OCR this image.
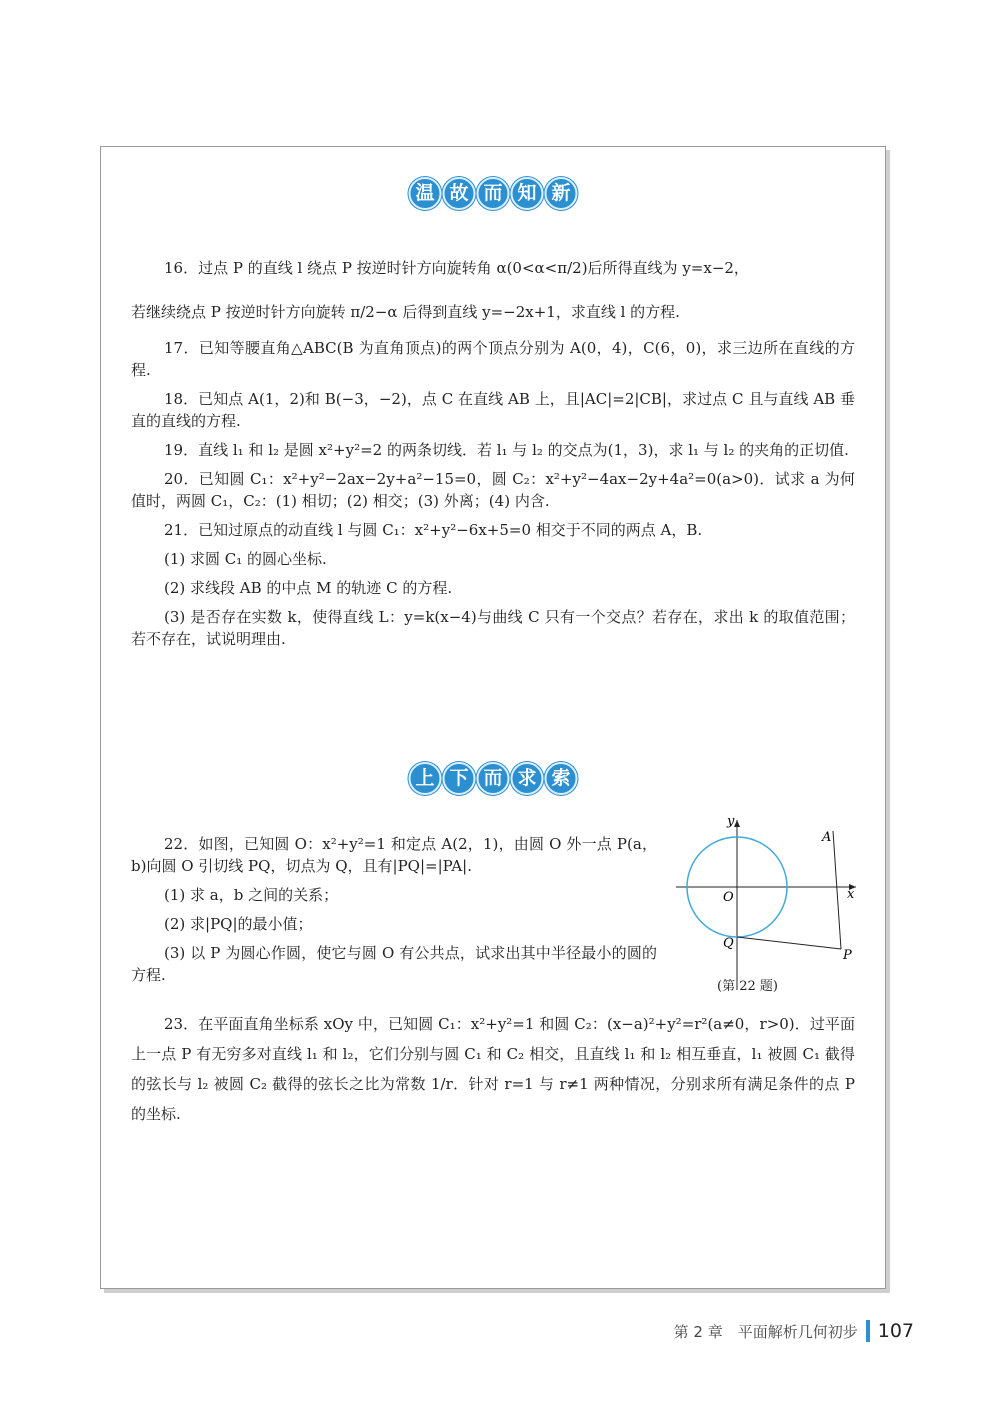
温 故 而 知 新

16．过点 P 的直线 l 绕点 P 按逆时针方向旋转角 α(0<α<π/2)后所得直线为 y=x−2，

若继续绕点 P 按逆时针方向旋转 π/2−α 后得到直线 y=−2x+1，求直线 l 的方程.

17．已知等腰直角△ABC(B 为直角顶点)的两个顶点分别为 A(0，4)，C(6，0)，求三边所在直线的方程.

18．已知点 A(1，2)和 B(−3，−2)，点 C 在直线 AB 上，且|AC|=2|CB|，求过点 C 且与直线 AB 垂直的直线的方程.

19．直线 l₁ 和 l₂ 是圆 x²+y²=2 的两条切线．若 l₁ 与 l₂ 的交点为(1，3)，求 l₁ 与 l₂ 的夹角的正切值.

20．已知圆 C₁：x²+y²−2ax−2y+a²−15=0，圆 C₂：x²+y²−4ax−2y+4a²=0(a>0)．试求 a 为何值时，两圆 C₁，C₂：(1) 相切；(2) 相交；(3) 外离；(4) 内含.

21．已知过原点的动直线 l 与圆 C₁：x²+y²−6x+5=0 相交于不同的两点 A，B.

(1) 求圆 C₁ 的圆心坐标.

(2) 求线段 AB 的中点 M 的轨迹 C 的方程.

(3) 是否存在实数 k，使得直线 L：y=k(x−4)与曲线 C 只有一个交点？若存在，求出 k 的取值范围；若不存在，试说明理由.

上 下 而 求 索

22．如图，已知圆 O：x²+y²=1 和定点 A(2，1)，由圆 O 外一点 P(a，b)向圆 O 引切线 PQ，切点为 Q，且有|PQ|=|PA|.

(1) 求 a，b 之间的关系；

(2) 求|PQ|的最小值；

(3) 以 P 为圆心作圆，使它与圆 O 有公共点，试求出其中半径最小的圆的方程.

23．在平面直角坐标系 xOy 中，已知圆 C₁：x²+y²=1 和圆 C₂：(x−a)²+y²=r²(a≠0，r>0)．过平面上一点 P 有无穷多对直线 l₁ 和 l₂，它们分别与圆 C₁ 和 C₂ 相交，且直线 l₁ 和 l₂ 相互垂直，l₁ 被圆 C₁ 截得的弦长与 l₂ 被圆 C₂ 截得的弦长之比为常数 1/r．针对 r=1 与 r≠1 两种情况，分别求所有满足条件的点 P 的坐标.

y
x
O
A
Q
P
(第 22 题)
第 2 章　平面解析几何初步 107
